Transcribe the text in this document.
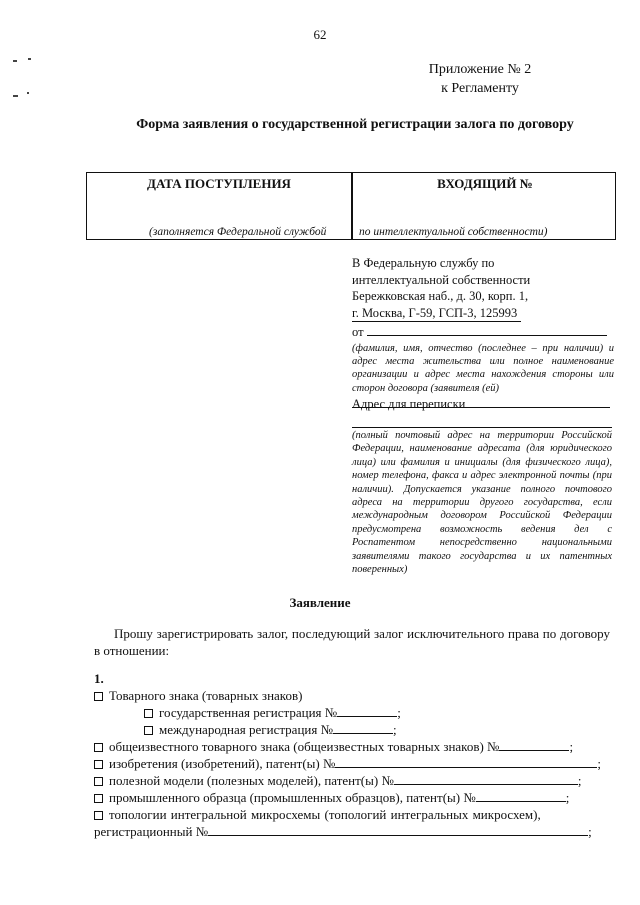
62
Приложение № 2
к Регламенту
Форма заявления о государственной регистрации залога по договору
ДАТА ПОСТУПЛЕНИЯ	ВХОДЯЩИЙ №
(заполняется Федеральной службой	по интеллектуальной собственности)
В Федеральную службу по
интеллектуальной собственности
Бережковская наб., д. 30, корп. 1,
г. Москва, Г-59, ГСП-3, 125993
от
(фамилия, имя, отчество (последнее – при наличии) и адрес места жительства или полное наименование организации и адрес места нахождения стороны или сторон договора (заявителя (ей)
Адрес для переписки
(полный почтовый адрес на территории Российской Федерации, наименование адресата (для юридического лица) или фамилия и инициалы (для физического лица), номер телефона, факса и адрес электронной почты (при наличии). Допускается указание полного почтового адреса на территории другого государства, если международным договором Российской Федерации предусмотрена возможность ведения дел с Роспатентом непосредственно национальными заявителями такого государства и их патентных поверенных)
Заявление
Прошу зарегистрировать залог, последующий залог исключительного права по договору в отношении:
1.
Товарного знака (товарных знаков)
государственная регистрация №	;
международная регистрация №	;
общеизвестного товарного знака (общеизвестных товарных знаков) №	;
изобретения (изобретений), патент(ы) №	;
полезной модели (полезных моделей), патент(ы) №	;
промышленного образца (промышленных образцов), патент(ы) №	;
топологии интегральной микросхемы (топологий интегральных микросхем),
регистрационный №	;
